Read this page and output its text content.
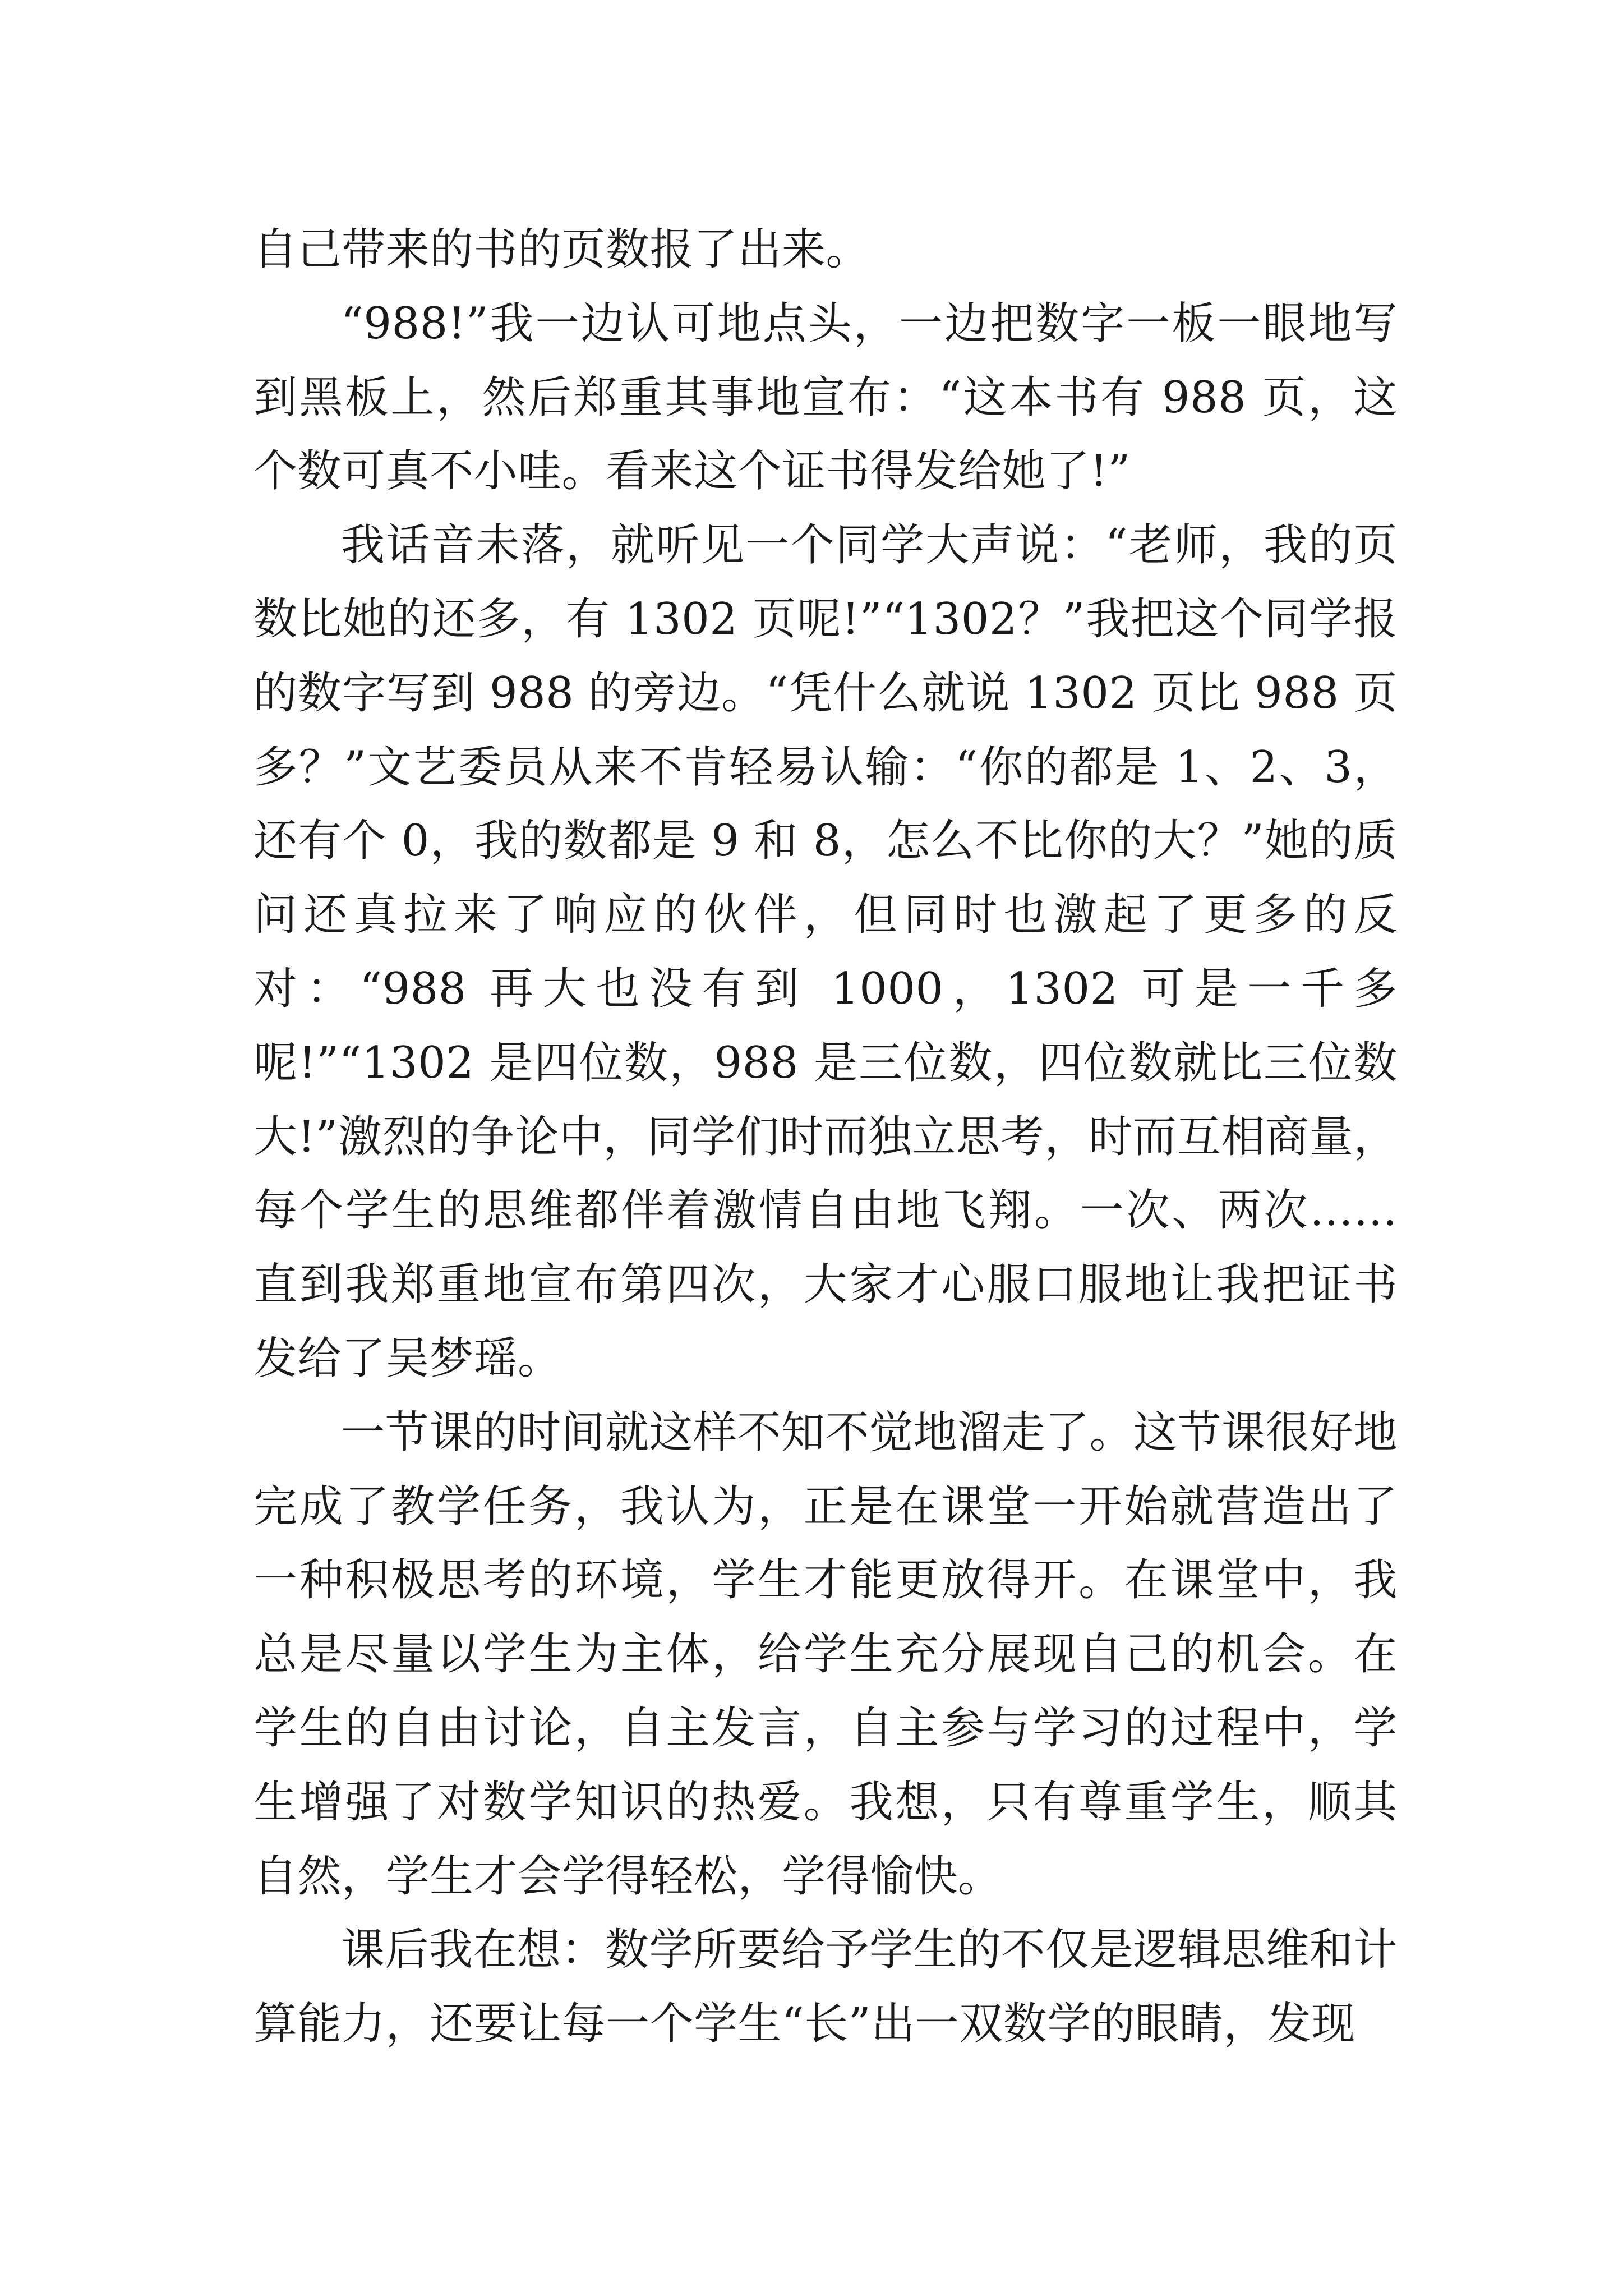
自己带来的书的页数报了出来。

“988!”我一边认可地点头，一边把数字一板一眼地写到黑板上，然后郑重其事地宣布：“这本书有 988 页，这个数可真不小哇。看来这个证书得发给她了!”

我话音未落，就听见一个同学大声说：“老师，我的页数比她的还多，有 1302 页呢!”“1302？”我把这个同学报的数字写到 988 的旁边。“凭什么就说 1302 页比 988 页多？”文艺委员从来不肯轻易认输：“你的都是 1、2、3，还有个 0，我的数都是 9 和 8，怎么不比你的大？”她的质问还真拉来了响应的伙伴，但同时也激起了更多的反对：“988 再大也没有到 1000，1302 可是一千多呢!”“1302 是四位数，988 是三位数，四位数就比三位数大!”激烈的争论中，同学们时而独立思考，时而互相商量，每个学生的思维都伴着激情自由地飞翔。一次、两次……直到我郑重地宣布第四次，大家才心服口服地让我把证书发给了吴梦瑶。

一节课的时间就这样不知不觉地溜走了。这节课很好地完成了教学任务，我认为，正是在课堂一开始就营造出了一种积极思考的环境，学生才能更放得开。在课堂中，我总是尽量以学生为主体，给学生充分展现自己的机会。在学生的自由讨论，自主发言，自主参与学习的过程中，学生增强了对数学知识的热爱。我想，只有尊重学生，顺其自然，学生才会学得轻松，学得愉快。

课后我在想：数学所要给予学生的不仅是逻辑思维和计算能力，还要让每一个学生“长”出一双数学的眼睛，发现
